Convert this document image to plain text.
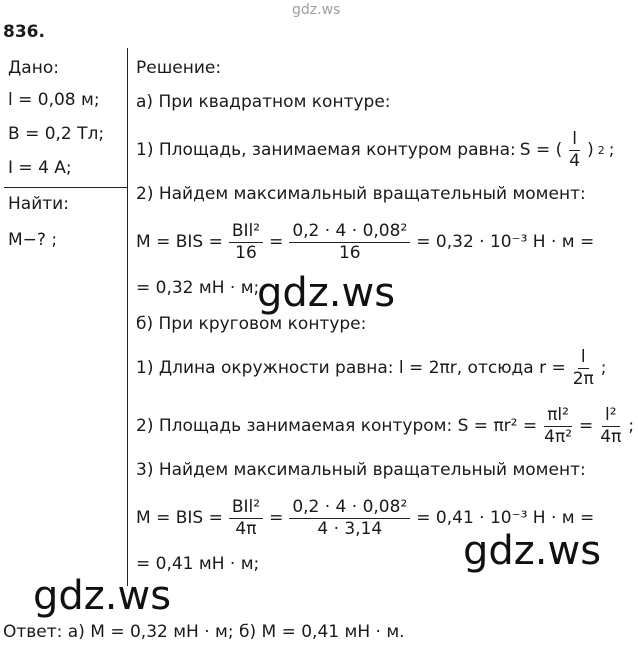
gdz.ws
836.
Дано:
l = 0,08 м;
B = 0,2 Тл;
I = 4 A;
Найти:
M−? ;
Решение:
а) При квадратном контуре:
1) Площадь, занимаемая контуром равна: S = ( $\frac{l}{4}$ ) 2 ;
2) Найдем максимальный вращательный момент:
M = BIS = $\frac{\text{BIl²}}{16} = \frac{\text{0,2 · 4 · 0,08²}}{16} = 0,32 \cdot 10^{-3}$ Н · м =
= 0,32 мН · м;
б) При круговом контуре:
1) Длина окружности равна: l = 2πr, отсюда $r = \frac{l}{2\pi}$ ;
2) Площадь занимаемая контуром: $S = \pi r^2 = \frac{\text{πl²}}{\text{4π²}} = \frac{\text{l²}}{4\pi}$ ;
3) Найдем максимальный вращательный момент:
M = BIS = $\frac{\text{BIl²}}{4\pi} = \frac{\text{0,2 · 4 · 0,08²}}{4 \cdot 3,14} = 0,41 \cdot 10^{-3}$ Н · м =
= 0,41 мН · м;
Ответ: а) M = 0,32 мН · м; б) M = 0,41 мН · м.
gdz.ws
gdz.ws
gdz.ws
